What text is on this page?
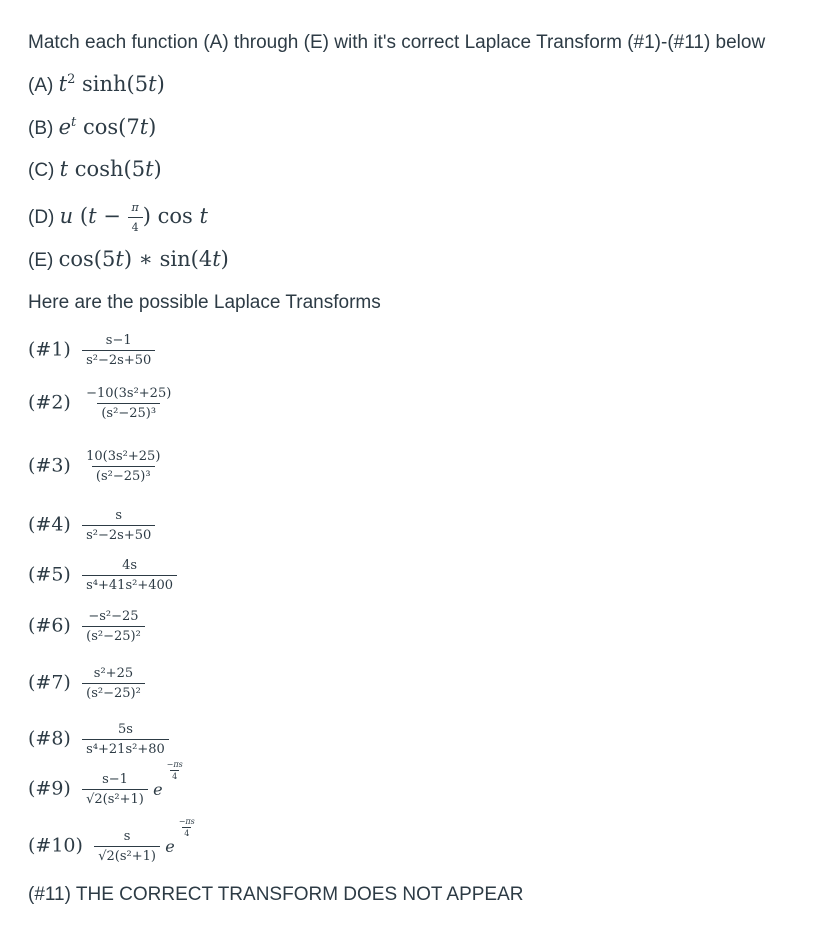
Match each function (A) through (E) with it's correct Laplace Transform (#1)-(#11) below
(A) $t^2$ sinh(5t)
(B) $e^t$ cos(7t)
(C) t cosh(5t)
(D) u ($t - \frac{\pi}{4}$ ) cos t
(E) cos(5t) ∗ sin(4t)
Here are the possible Laplace Transforms
(#1) $\frac{s-1}{\text{s²−2s+50}}$
(#2) $\frac{\text{−10(3s²+25)}}{\text{(s²−25)³}}$
(#3) $\frac{\text{10(3s²+25)}}{\text{(s²−25)³}}$
(#4) $\frac{s}{\text{s²−2s+50}}$
(#5) $\frac{4s}{\text{s⁴+41s²+400}}$
(#6) $\frac{\text{−s²−25}}{\text{(s²−25)²}}$
(#7) $\frac{\text{s²+25}}{\text{(s²−25)²}}$
(#8) $\frac{5s}{\text{s⁴+21s²+80}}$
(#9) $\frac{s-1}{\text{√2(s²+1)}}$ e
$\frac{-\pi s}{4}$
(#10) $\frac{s}{\text{√2(s²+1)}}$ e
$\frac{-\pi s}{4}$
(#11) THE CORRECT TRANSFORM DOES NOT APPEAR
